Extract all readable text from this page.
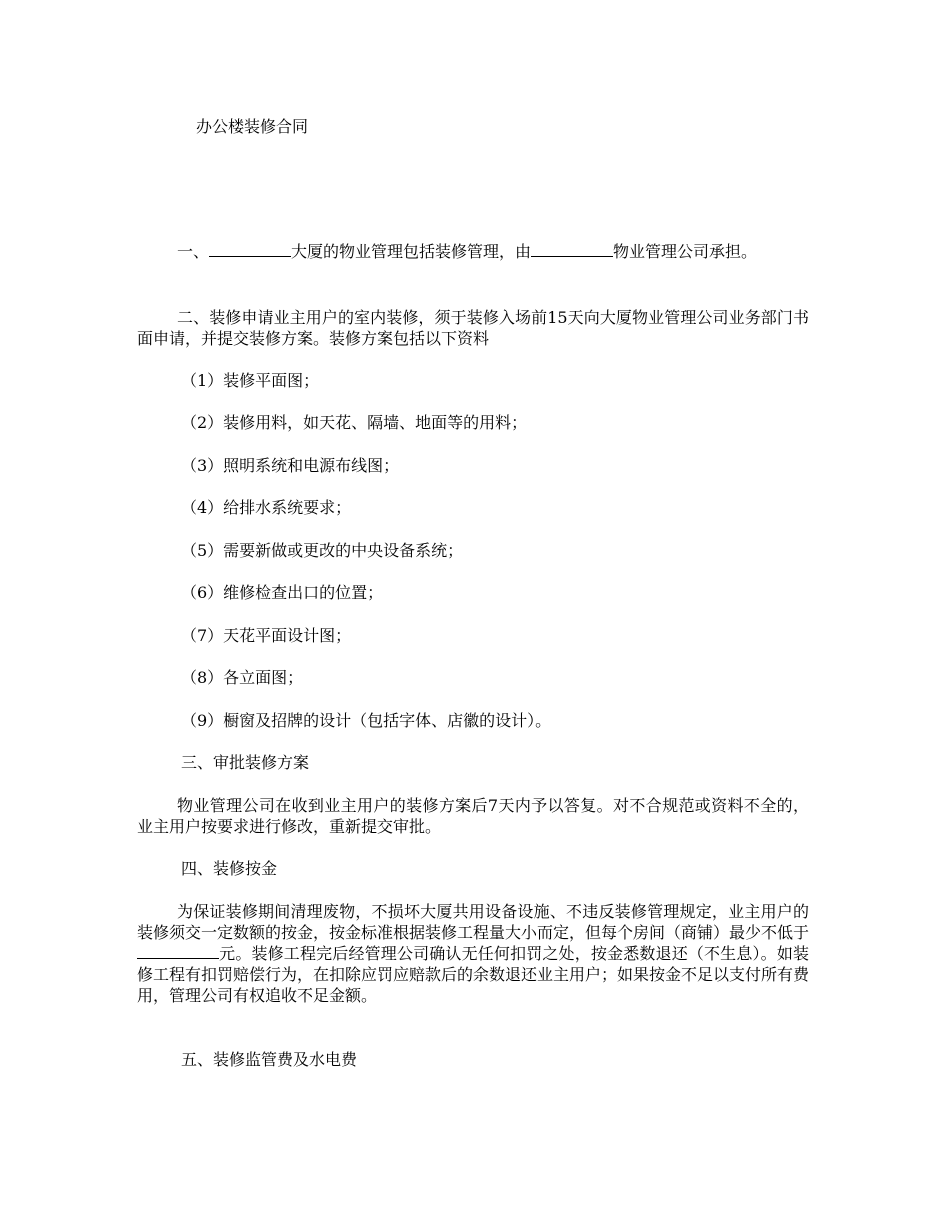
办公楼装修合同

一、	大厦的物业管理包括装修管理，由	物业管理公司承担。

二、装修申请业主用户的室内装修，须于装修入场前15天向大厦物业管理公司业务部门书面申请，并提交装修方案。装修方案包括以下资料

（1）装修平面图；
（2）装修用料，如天花、隔墙、地面等的用料；
（3）照明系统和电源布线图；
（4）给排水系统要求；
（5）需要新做或更改的中央设备系统；
（6）维修检查出口的位置；
（7）天花平面设计图；
（8）各立面图；
（9）橱窗及招牌的设计（包括字体、店徽的设计）。
三、审批装修方案

物业管理公司在收到业主用户的装修方案后7天内予以答复。对不合规范或资料不全的，业主用户按要求进行修改，重新提交审批。

四、装修按金

为保证装修期间清理废物，不损坏大厦共用设备设施、不违反装修管理规定，业主用户的装修须交一定数额的按金，按金标准根据装修工程量大小而定，但每个房间（商铺）最少不低于元。装修工程完后经管理公司确认无任何扣罚之处，按金悉数退还（不生息）。如装修工程有扣罚赔偿行为，在扣除应罚应赔款后的余数退还业主用户；如果按金不足以支付所有费用，管理公司有权追收不足金额。

五、装修监管费及水电费
